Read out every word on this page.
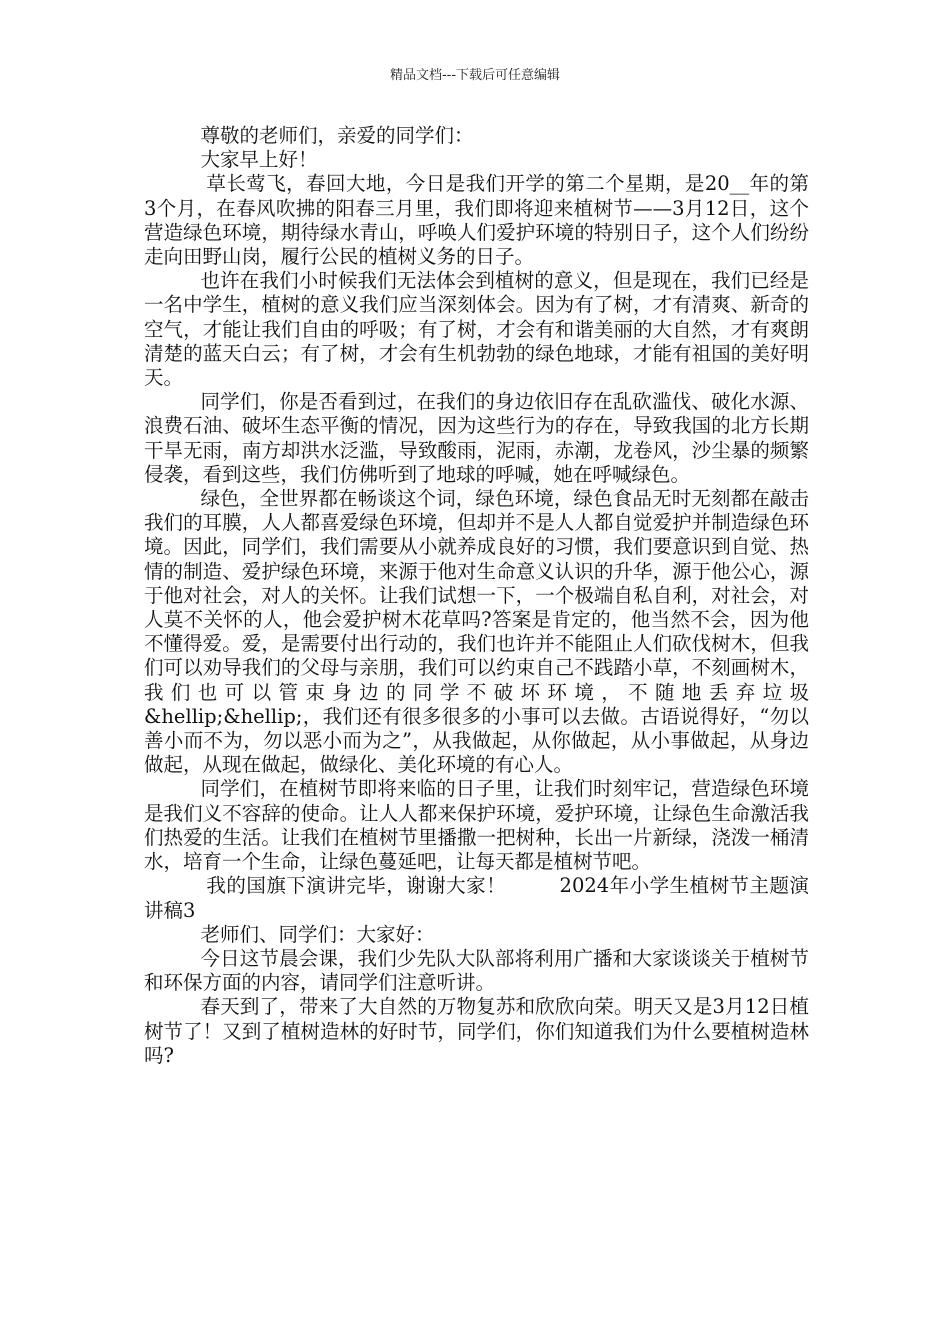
精品文档---下载后可任意编辑

尊敬的老师们，亲爱的同学们：

大家早上好！

草长莺飞，春回大地，今日是我们开学的第二个星期，是20__年的第3个月，在春风吹拂的阳春三月里，我们即将迎来植树节——3月12日，这个营造绿色环境，期待绿水青山，呼唤人们爱护环境的特别日子，这个人们纷纷走向田野山岗，履行公民的植树义务的日子。

也许在我们小时候我们无法体会到植树的意义，但是现在，我们已经是一名中学生，植树的意义我们应当深刻体会。因为有了树，才有清爽、新奇的空气，才能让我们自由的呼吸；有了树，才会有和谐美丽的大自然，才有爽朗清楚的蓝天白云；有了树，才会有生机勃勃的绿色地球，才能有祖国的美好明天。

同学们，你是否看到过，在我们的身边依旧存在乱砍滥伐、破化水源、浪费石油、破坏生态平衡的情况，因为这些行为的存在，导致我国的北方长期干旱无雨，南方却洪水泛滥，导致酸雨，泥雨，赤潮，龙卷风，沙尘暴的频繁侵袭，看到这些，我们仿佛听到了地球的呼喊，她在呼喊绿色。

绿色，全世界都在畅谈这个词，绿色环境，绿色食品无时无刻都在敲击我们的耳膜，人人都喜爱绿色环境，但却并不是人人都自觉爱护并制造绿色环境。因此，同学们，我们需要从小就养成良好的习惯，我们要意识到自觉、热情的制造、爱护绿色环境，来源于他对生命意义认识的升华，源于他公心，源于他对社会，对人的关怀。让我们试想一下，一个极端自私自利，对社会，对人莫不关怀的人，他会爱护树木花草吗?答案是肯定的，他当然不会，因为他不懂得爱。爱，是需要付出行动的，我们也许并不能阻止人们砍伐树木，但我们可以劝导我们的父母与亲朋，我们可以约束自己不践踏小草，不刻画树木，我们也可以管束身边的同学不破坏环境，不随地丢弃垃圾&hellip;&hellip;，我们还有很多很多的小事可以去做。古语说得好，“勿以善小而不为，勿以恶小而为之”，从我做起，从你做起，从小事做起，从身边做起，从现在做起，做绿化、美化环境的有心人。

同学们，在植树节即将来临的日子里，让我们时刻牢记，营造绿色环境是我们义不容辞的使命。让人人都来保护环境，爱护环境，让绿色生命激活我们热爱的生活。让我们在植树节里播撒一把树种，长出一片新绿，浇泼一桶清水，培育一个生命，让绿色蔓延吧，让每天都是植树节吧。

我的国旗下演讲完毕，谢谢大家！        2024年小学生植树节主题演讲稿3

老师们、同学们：大家好：

今日这节晨会课，我们少先队大队部将利用广播和大家谈谈关于植树节和环保方面的内容，请同学们注意听讲。

春天到了，带来了大自然的万物复苏和欣欣向荣。明天又是3月12日植树节了！又到了植树造林的好时节，同学们，你们知道我们为什么要植树造林吗?
